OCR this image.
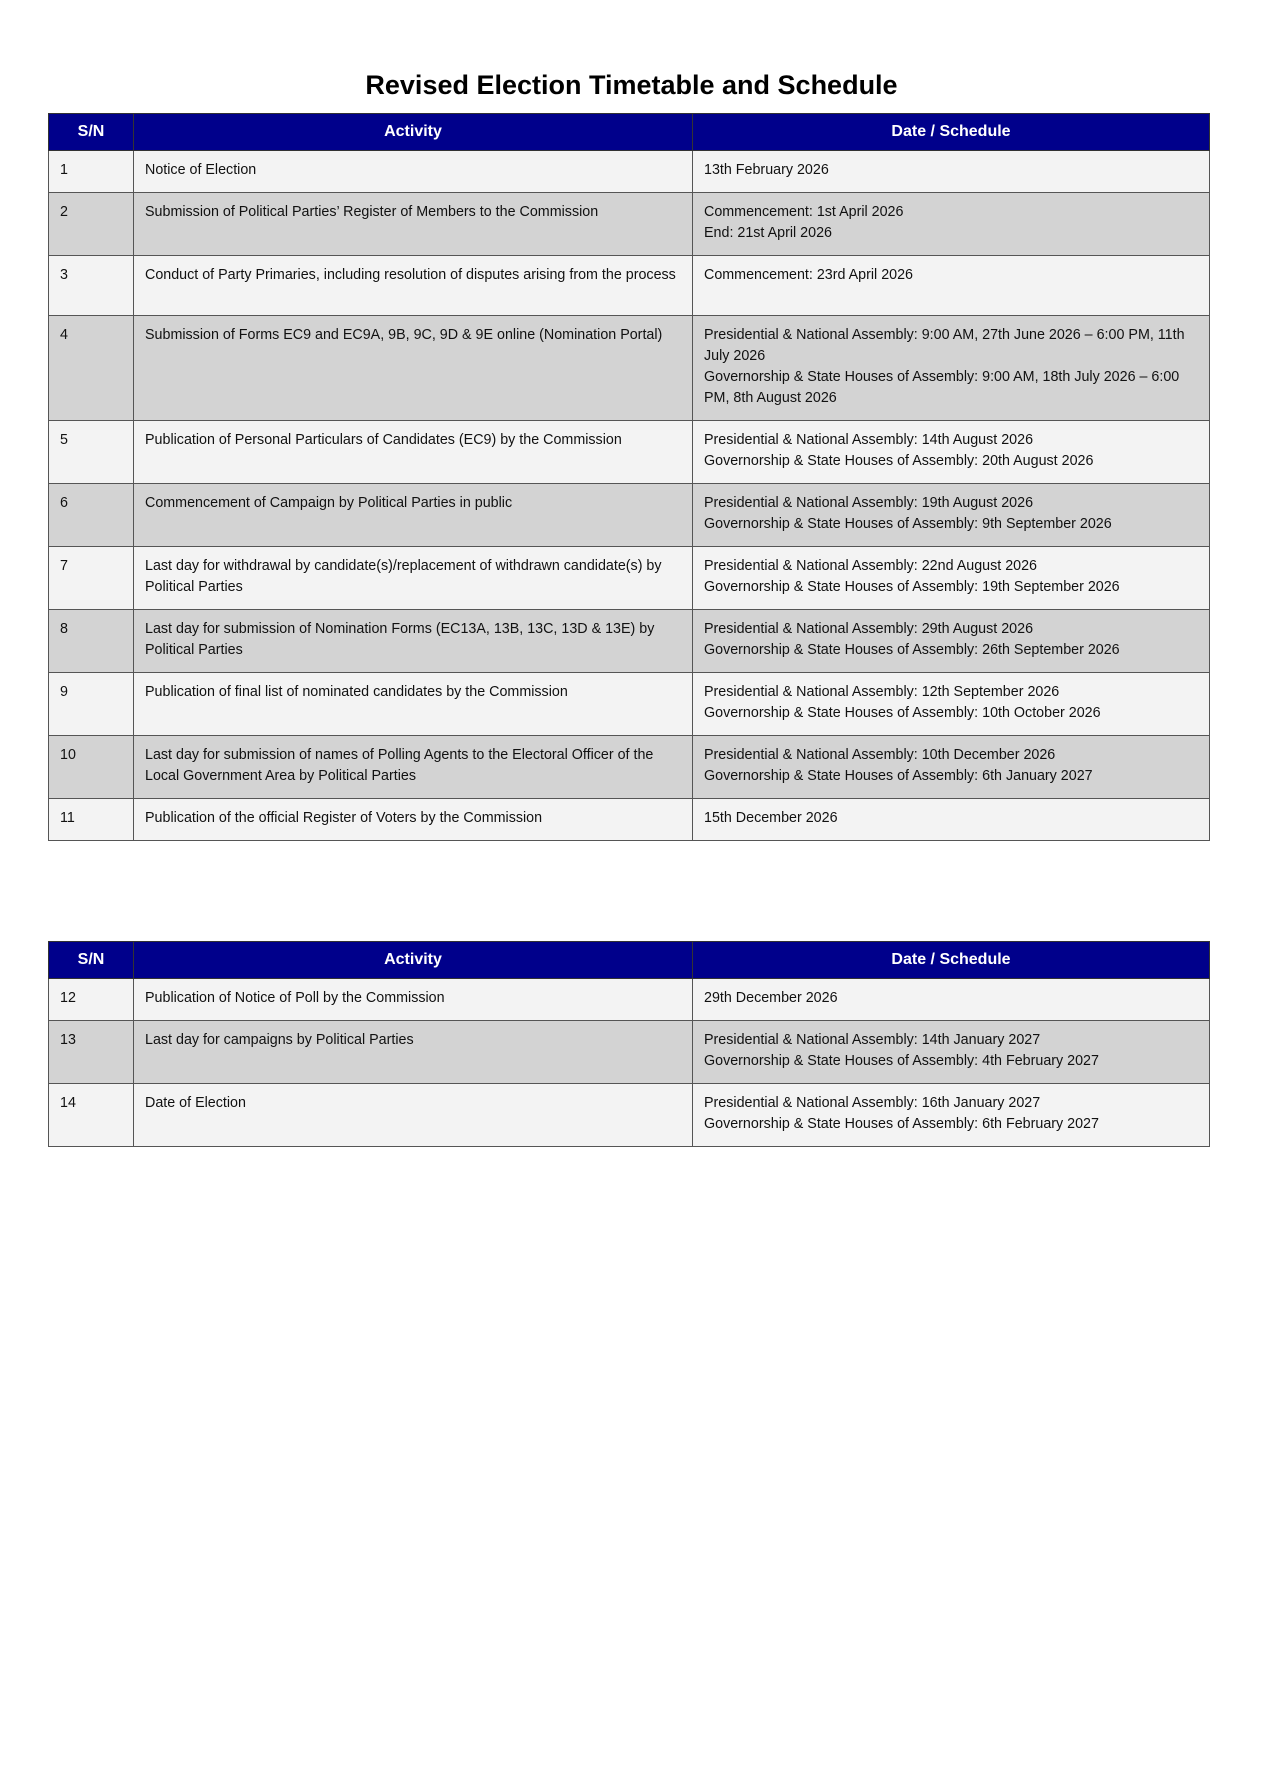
Revised Election Timetable and Schedule
S/N	Activity	Date / Schedule
1	Notice of Election	13th February 2026

2	Submission of Political Parties’ Register of Members to the Commission	Commencement: 1st April 2026
End: 21st April 2026

3	Conduct of Party Primaries, including resolution of disputes arising from the process	Commencement: 23rd April 2026

4	Submission of Forms EC9 and EC9A, 9B, 9C, 9D & 9E online (Nomination Portal)	Presidential & National Assembly: 9:00 AM, 27th June 2026 – 6:00 PM, 11th July 2026
Governorship & State Houses of Assembly: 9:00 AM, 18th July 2026 – 6:00 PM, 8th August 2026

5	Publication of Personal Particulars of Candidates (EC9) by the Commission	Presidential & National Assembly: 14th August 2026
Governorship & State Houses of Assembly: 20th August 2026

6	Commencement of Campaign by Political Parties in public	Presidential & National Assembly: 19th August 2026
Governorship & State Houses of Assembly: 9th September 2026

7	Last day for withdrawal by candidate(s)/replacement of withdrawn candidate(s) by Political Parties	Presidential & National Assembly: 22nd August 2026
Governorship & State Houses of Assembly: 19th September 2026

8	Last day for submission of Nomination Forms (EC13A, 13B, 13C, 13D & 13E) by Political Parties	Presidential & National Assembly: 29th August 2026
Governorship & State Houses of Assembly: 26th September 2026

9	Publication of final list of nominated candidates by the Commission	Presidential & National Assembly: 12th September 2026
Governorship & State Houses of Assembly: 10th October 2026

10	Last day for submission of names of Polling Agents to the Electoral Officer of the Local Government Area by Political Parties	Presidential & National Assembly: 10th December 2026
Governorship & State Houses of Assembly: 6th January 2027

11	Publication of the official Register of Voters by the Commission	15th December 2026
S/N	Activity	Date / Schedule
12	Publication of Notice of Poll by the Commission	29th December 2026

13	Last day for campaigns by Political Parties	Presidential & National Assembly: 14th January 2027
Governorship & State Houses of Assembly: 4th February 2027

14	Date of Election	Presidential & National Assembly: 16th January 2027
Governorship & State Houses of Assembly: 6th February 2027
